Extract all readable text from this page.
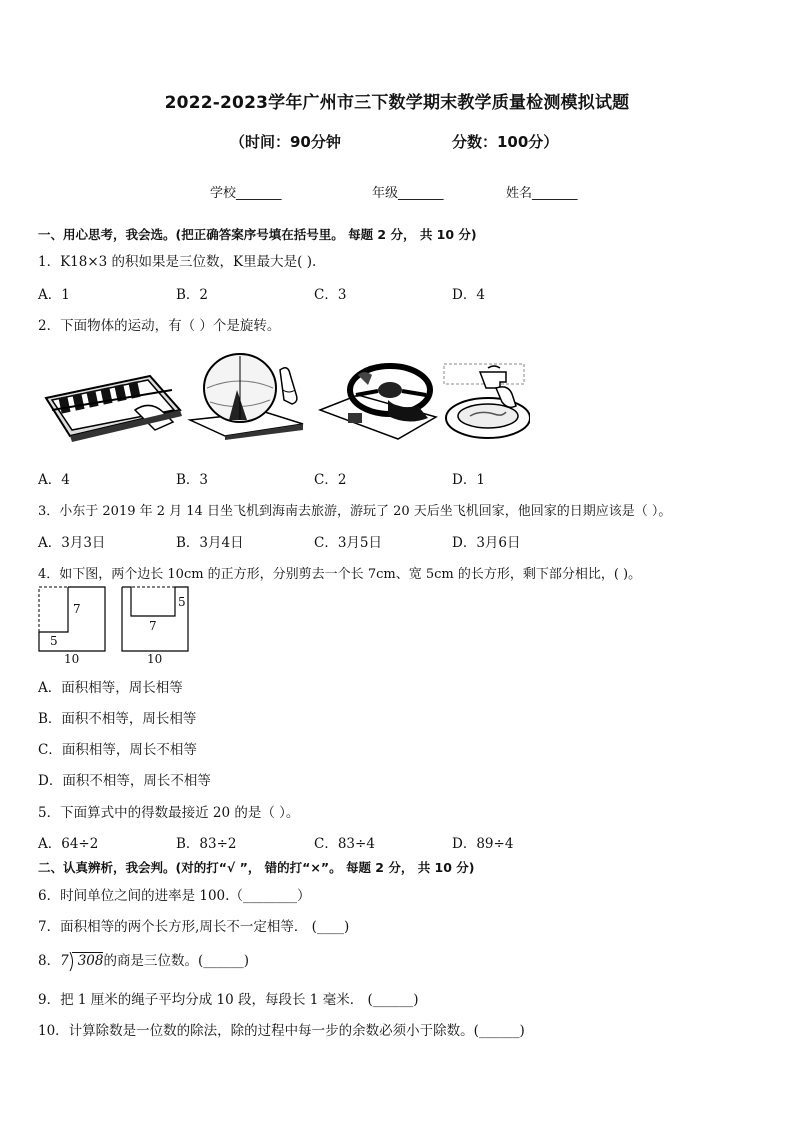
2022-2023学年广州市三下数学期末教学质量检测模拟试题
（时间：90分钟	分数：100分）
学校_______	年级_______	姓名_______
一、用心思考，我会选。(把正确答案序号填在括号里。 每题 2 分， 共 10 分)
1．K18×3 的积如果是三位数，K里最大是( ).
A．1	B．2	C．3	D．4
2．下面物体的运动，有（ ）个是旋转。
A．4	B．3	C．2	D．1
3．小东于 2019 年 2 月 14 日坐飞机到海南去旅游，游玩了 20 天后坐飞机回家，他回家的日期应该是（ ）。
A．3月3日	B．3月4日	C．3月5日	D．3月6日
4．如下图，两个边长 10cm 的正方形，分别剪去一个长 7cm、宽 5cm 的长方形，剩下部分相比，( )。
7
5
10
5
7
10
A．面积相等，周长相等
B．面积不相等，周长相等
C．面积相等，周长不相等
D．面积不相等，周长不相等
5．下面算式中的得数最接近 20 的是（ ）。
A．64÷2	B．83÷2	C．83÷4	D．89÷4
二、认真辨析，我会判。(对的打“√ ”， 错的打“×”。 每题 2 分， 共 10 分)
6．时间单位之间的进率是 100.（________）
7．面积相等的两个长方形,周长不一定相等． (____)
8．7 308的商是三位数。(______)
9．把 1 厘米的绳子平均分成 10 段，每段长 1 毫米． (______)
10．计算除数是一位数的除法，除的过程中每一步的余数必须小于除数。(______)
